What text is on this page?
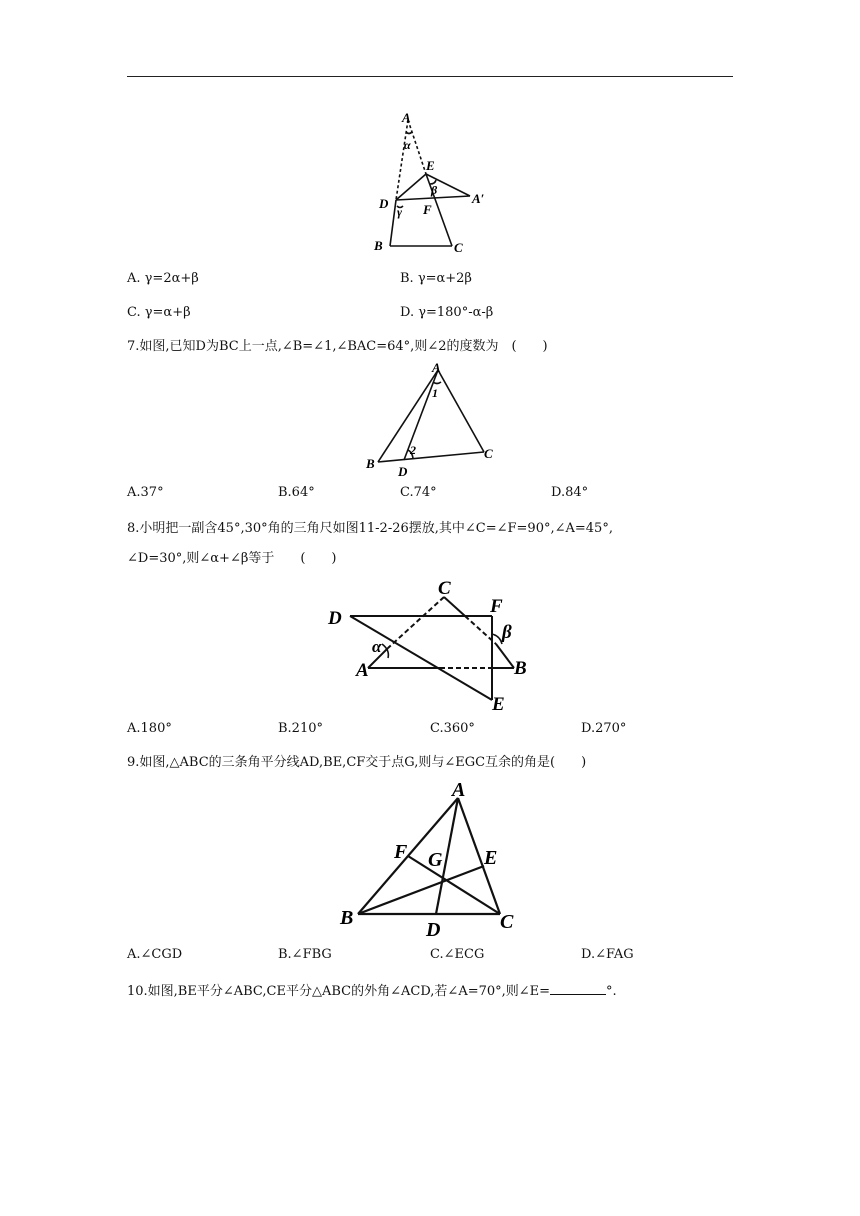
A
α
E
β
D
γ F
A′
B	C
A. γ=2α+β	B. γ=α+2β
C. γ=α+β	D. γ=180°-α-β
7.如图,已知D为BC上一点,∠B=∠1,∠BAC=64°,则∠2的度数为　(　　)
A
1
2
B
D
C
A.37°	B.64°	C.74°	D.84°
8.小明把一副含45°,30°角的三角尺如图11-2-26摆放,其中∠C=∠F=90°,∠A=45°,
∠D=30°,则∠α+∠β等于　　(　　)
C
F
D
β
α
A	B
E
A.180°	B.210°	C.360°	D.270°
9.如图,△ABC的三条角平分线AD,BE,CF交于点G,则与∠EGC互余的角是(　　)
A
F G E
B
D	C
A.∠CGD	B.∠FBG	C.∠ECG	D.∠FAG
10.如图,BE平分∠ABC,CE平分△ABC的外角∠ACD,若∠A=70°,则∠E=	°.
